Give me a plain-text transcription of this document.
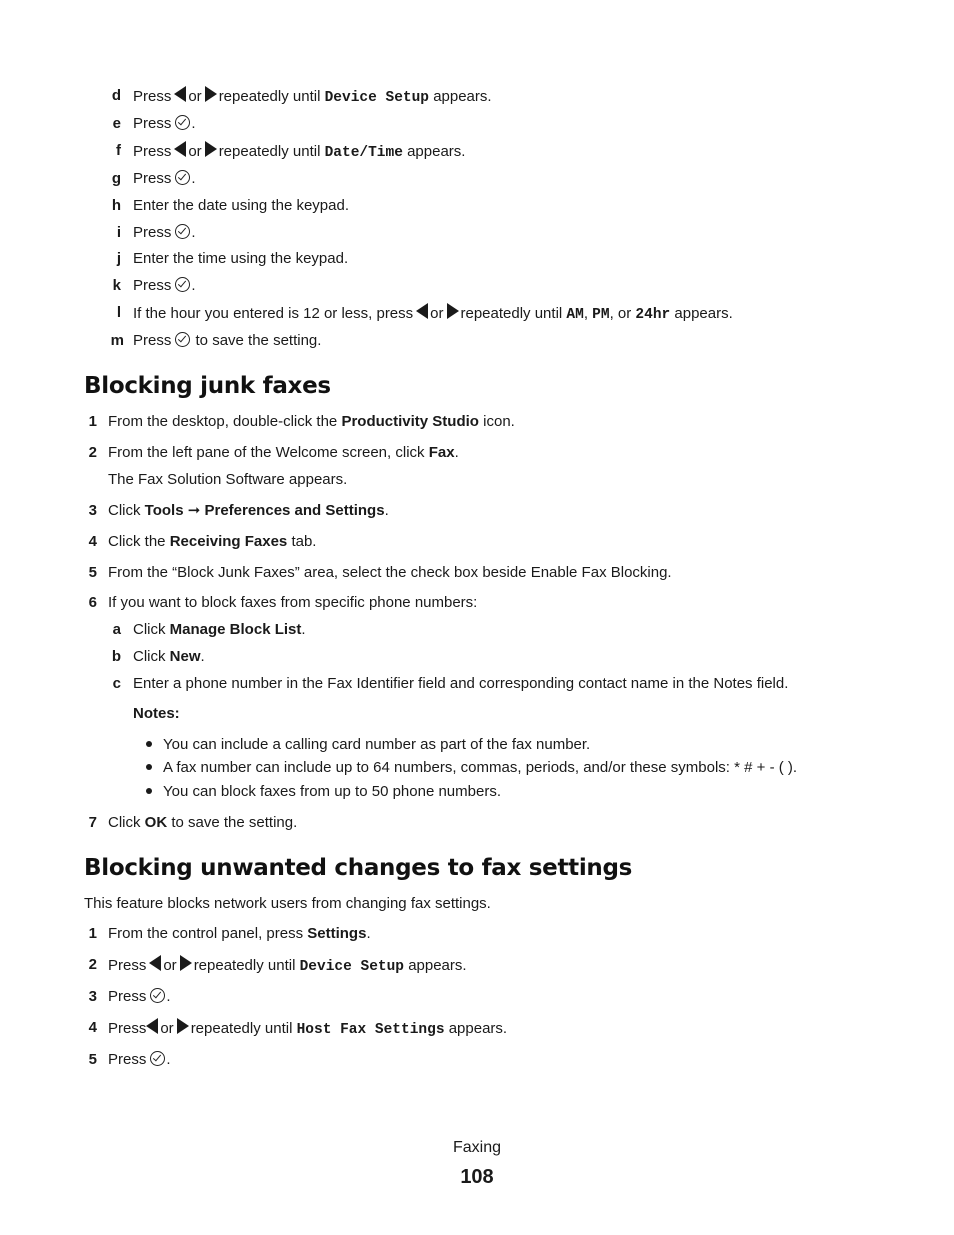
d Press or repeatedly until Device Setup appears.
e Press .
f Press or repeatedly until Date/Time appears.
g Press .
h Enter the date using the keypad.
i Press .
j Enter the time using the keypad.
k Press .
l If the hour you entered is 12 or less, press or repeatedly until AM, PM, or 24hr appears.
m Press to save the setting.
Blocking junk faxes
1 From the desktop, double-click the Productivity Studio icon.
2 From the left pane of the Welcome screen, click Fax.
The Fax Solution Software appears.
3 Click Tools ➞ Preferences and Settings.
4 Click the Receiving Faxes tab.
5 From the “Block Junk Faxes” area, select the check box beside Enable Fax Blocking.
6 If you want to block faxes from specific phone numbers:
a Click Manage Block List.
b Click New.
c Enter a phone number in the Fax Identifier field and corresponding contact name in the Notes field.
Notes:
You can include a calling card number as part of the fax number.
A fax number can include up to 64 numbers, commas, periods, and/or these symbols: * # + - ( ).
You can block faxes from up to 50 phone numbers.
7 Click OK to save the setting.
Blocking unwanted changes to fax settings
This feature blocks network users from changing fax settings.
1 From the control panel, press Settings.
2 Press or repeatedly until Device Setup appears.
3 Press .
4 Press or repeatedly until Host Fax Settings appears.
5 Press .
Faxing
108
